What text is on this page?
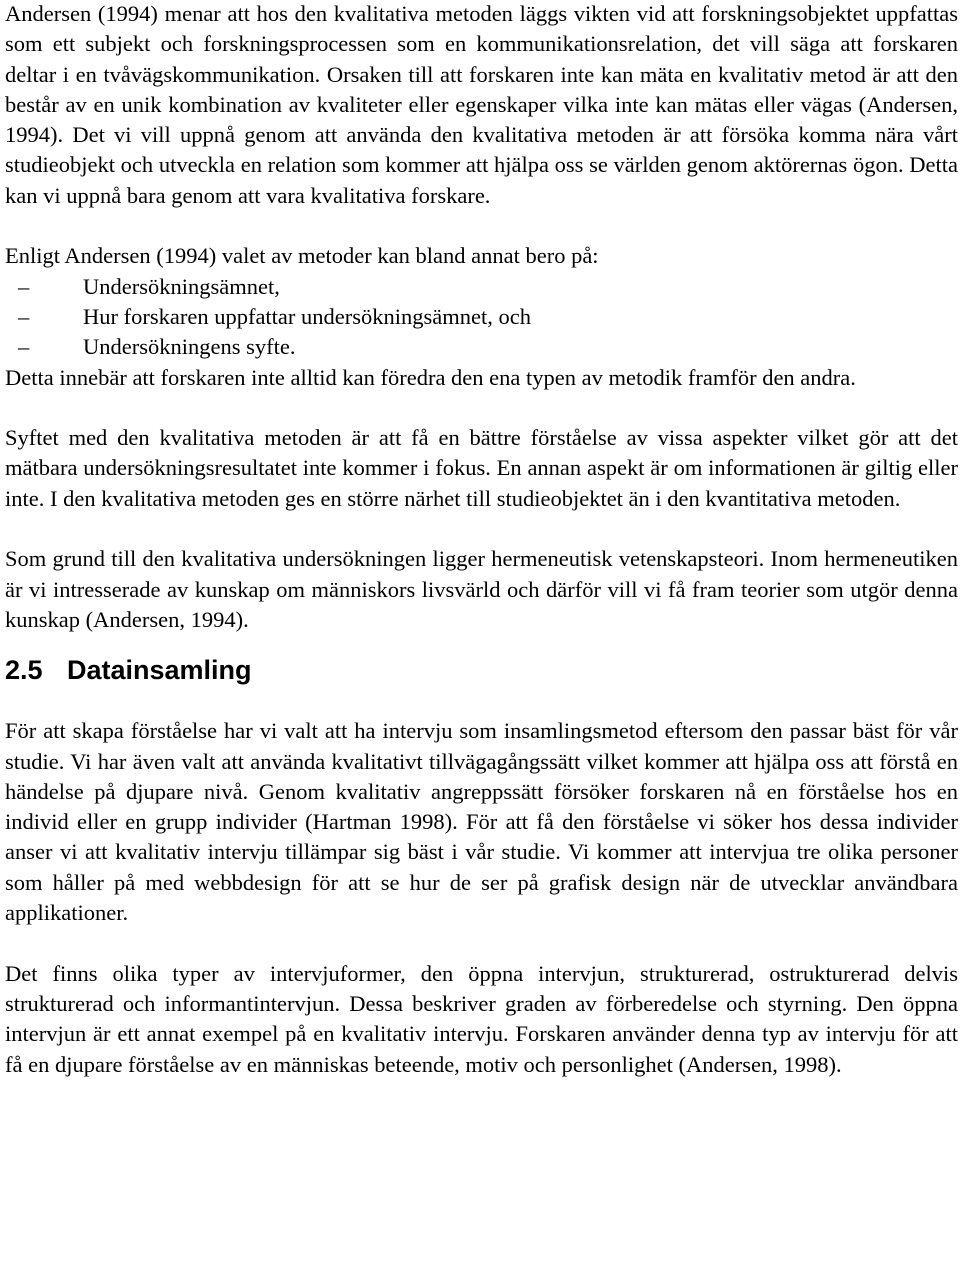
Andersen (1994) menar att hos den kvalitativa metoden läggs vikten vid att forskningsobjektet uppfattas som ett subjekt och forskningsprocessen som en kommunikationsrelation, det vill säga att forskaren deltar i en tvåvägskommunikation. Orsaken till att forskaren inte kan mäta en kvalitativ metod är att den består av en unik kombination av kvaliteter eller egenskaper vilka inte kan mätas eller vägas (Andersen, 1994). Det vi vill uppnå genom att använda den kvalitativa metoden är att försöka komma nära vårt studieobjekt och utveckla en relation som kommer att hjälpa oss se världen genom aktörernas ögon. Detta kan vi uppnå bara genom att vara kvalitativa forskare.

Enligt Andersen (1994) valet av metoder kan bland annat bero på:

– Undersökningsämnet,
– Hur forskaren uppfattar undersökningsämnet, och
– Undersökningens syfte.

Detta innebär att forskaren inte alltid kan föredra den ena typen av metodik framför den andra.

Syftet med den kvalitativa metoden är att få en bättre förståelse av vissa aspekter vilket gör att det mätbara undersökningsresultatet inte kommer i fokus. En annan aspekt är om informationen är giltig eller inte. I den kvalitativa metoden ges en större närhet till studieobjektet än i den kvantitativa metoden.

Som grund till den kvalitativa undersökningen ligger hermeneutisk vetenskapsteori. Inom hermeneutiken är vi intresserade av kunskap om människors livsvärld och därför vill vi få fram teorier som utgör denna kunskap (Andersen, 1994).

2.5 Datainsamling

För att skapa förståelse har vi valt att ha intervju som insamlingsmetod eftersom den passar bäst för vår studie. Vi har även valt att använda kvalitativt tillvägagångssätt vilket kommer att hjälpa oss att förstå en händelse på djupare nivå. Genom kvalitativ angreppssätt försöker forskaren nå en förståelse hos en individ eller en grupp individer (Hartman 1998). För att få den förståelse vi söker hos dessa individer anser vi att kvalitativ intervju tillämpar sig bäst i vår studie. Vi kommer att intervjua tre olika personer som håller på med webbdesign för att se hur de ser på grafisk design när de utvecklar användbara applikationer.

Det finns olika typer av intervjuformer, den öppna intervjun, strukturerad, ostrukturerad delvis strukturerad och informantintervjun. Dessa beskriver graden av förberedelse och styrning. Den öppna intervjun är ett annat exempel på en kvalitativ intervju. Forskaren använder denna typ av intervju för att få en djupare förståelse av en människas beteende, motiv och personlighet (Andersen, 1998).
